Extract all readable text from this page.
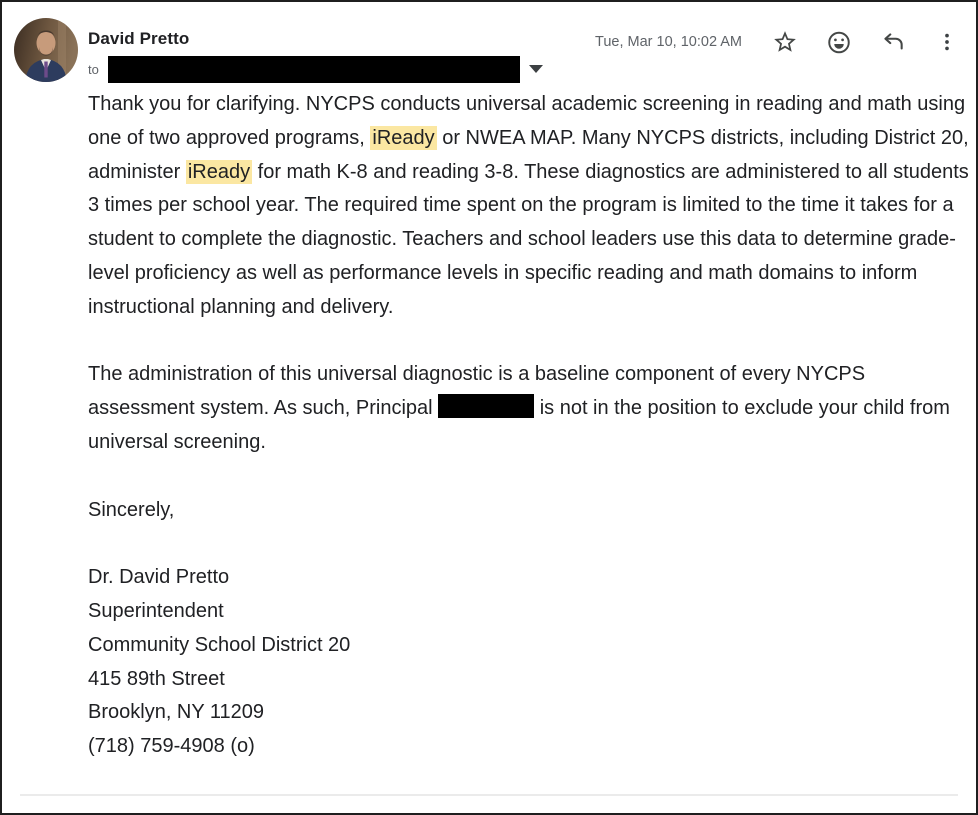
David Pretto
to
Tue, Mar 10, 10:02 AM
Thank you for clarifying. NYCPS conducts universal academic screening in reading and math using one of two approved programs, iReady or NWEA MAP. Many NYCPS districts, including District 20, administer iReady for math K-8 and reading 3-8. These diagnostics are administered to all students 3 times per school year. The required time spent on the program is limited to the time it takes for a student to complete the diagnostic. Teachers and school leaders use this data to determine grade-level proficiency as well as performance levels in specific reading and math domains to inform instructional planning and delivery.
The administration of this universal diagnostic is a baseline component of every NYCPS assessment system. As such, Principal	is not in the position to exclude your child from universal screening.
Sincerely,
Dr. David Pretto
Superintendent
Community School District 20
415 89th Street
Brooklyn, NY 11209
(718) 759-4908 (o)
